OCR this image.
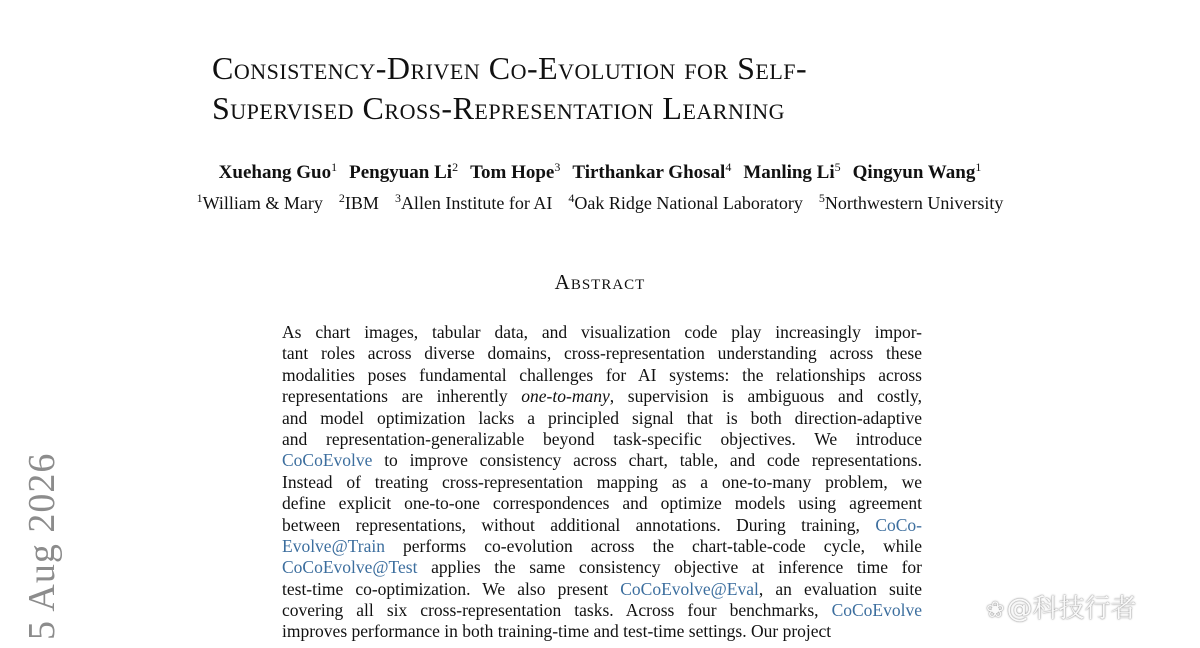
Consistency-Driven Co-Evolution for Self-
Supervised Cross-Representation Learning
Xuehang Guo$^1$ Pengyuan Li$^2$ Tom Hope$^3$ Tirthankar Ghosal$^4$ Manling Li$^5$ Qingyun Wang$^1$
$^1$William & Mary $^2$IBM $^3$Allen Institute for AI $^4$Oak Ridge National Laboratory $^5$Northwestern University
Abstract
As chart images, tabular data, and visualization code play increasingly impor-
tant roles across diverse domains, cross-representation understanding across these
modalities poses fundamental challenges for AI systems: the relationships across
representations are inherently one-to-many, supervision is ambiguous and costly,
and model optimization lacks a principled signal that is both direction-adaptive
and representation-generalizable beyond task-specific objectives. We introduce
CoCoEvolve to improve consistency across chart, table, and code representations.
Instead of treating cross-representation mapping as a one-to-many problem, we
define explicit one-to-one correspondences and optimize models using agreement
between representations, without additional annotations. During training, CoCo-
Evolve@Train performs co-evolution across the chart-table-code cycle, while
CoCoEvolve@Test applies the same consistency objective at inference time for
test-time co-optimization. We also present CoCoEvolve@Eval, an evaluation suite
covering all six cross-representation tasks. Across four benchmarks, CoCoEvolve
improves performance in both training-time and test-time settings. Our project
5 Aug 2026	❀@科技行者
